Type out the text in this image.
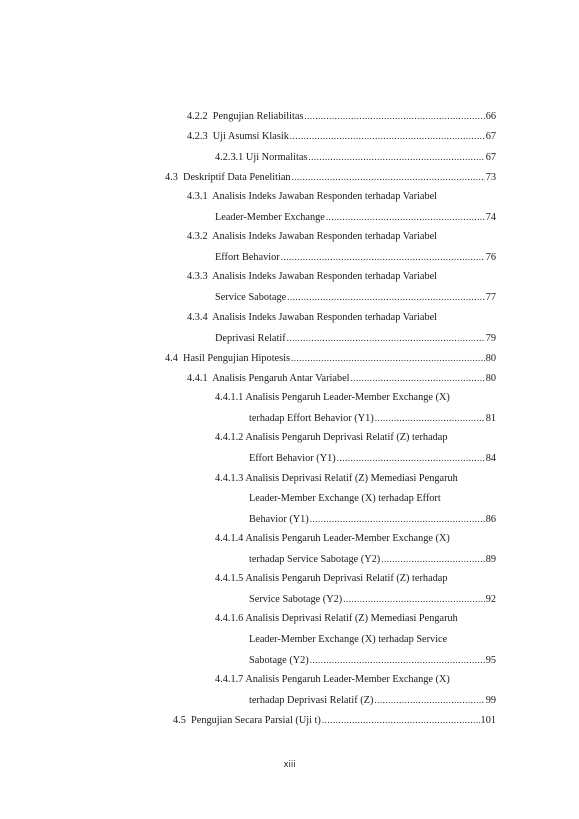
4.2.2 Pengujian Reliabilitas .....	66
4.2.3 Uji Asumsi Klasik .....	67
4.2.3.1 Uji Normalitas .....	67
4.3 Deskriptif Data Penelitian .....	73
4.3.1 Analisis Indeks Jawaban Responden terhadap Variabel
Leader-Member Exchange .....	74
4.3.2 Analisis Indeks Jawaban Responden terhadap Variabel
Effort Behavior .....	76
4.3.3 Analisis Indeks Jawaban Responden terhadap Variabel
Service Sabotage .....	77
4.3.4 Analisis Indeks Jawaban Responden terhadap Variabel
Deprivasi Relatif .....	79
4.4 Hasil Pengujian Hipotesis .....	80
4.4.1 Analisis Pengaruh Antar Variabel .....	80
4.4.1.1 Analisis Pengaruh Leader-Member Exchange (X)
terhadap Effort Behavior (Y1) .....	81
4.4.1.2 Analisis Pengaruh Deprivasi Relatif (Z) terhadap
Effort Behavior (Y1) .....	84
4.4.1.3 Analisis Deprivasi Relatif (Z) Memediasi Pengaruh
Leader-Member Exchange (X) terhadap Effort
Behavior (Y1) .....	86
4.4.1.4 Analisis Pengaruh Leader-Member Exchange (X)
terhadap Service Sabotage (Y2) .....	89
4.4.1.5 Analisis Pengaruh Deprivasi Relatif (Z) terhadap
Service Sabotage (Y2) .....	92
4.4.1.6 Analisis Deprivasi Relatif (Z) Memediasi Pengaruh
Leader-Member Exchange (X) terhadap Service
Sabotage (Y2) .....	95
4.4.1.7 Analisis Pengaruh Leader-Member Exchange (X)
terhadap Deprivasi Relatif (Z) .....	99
4.5 Pengujian Secara Parsial (Uji t) .....	101
xiii
